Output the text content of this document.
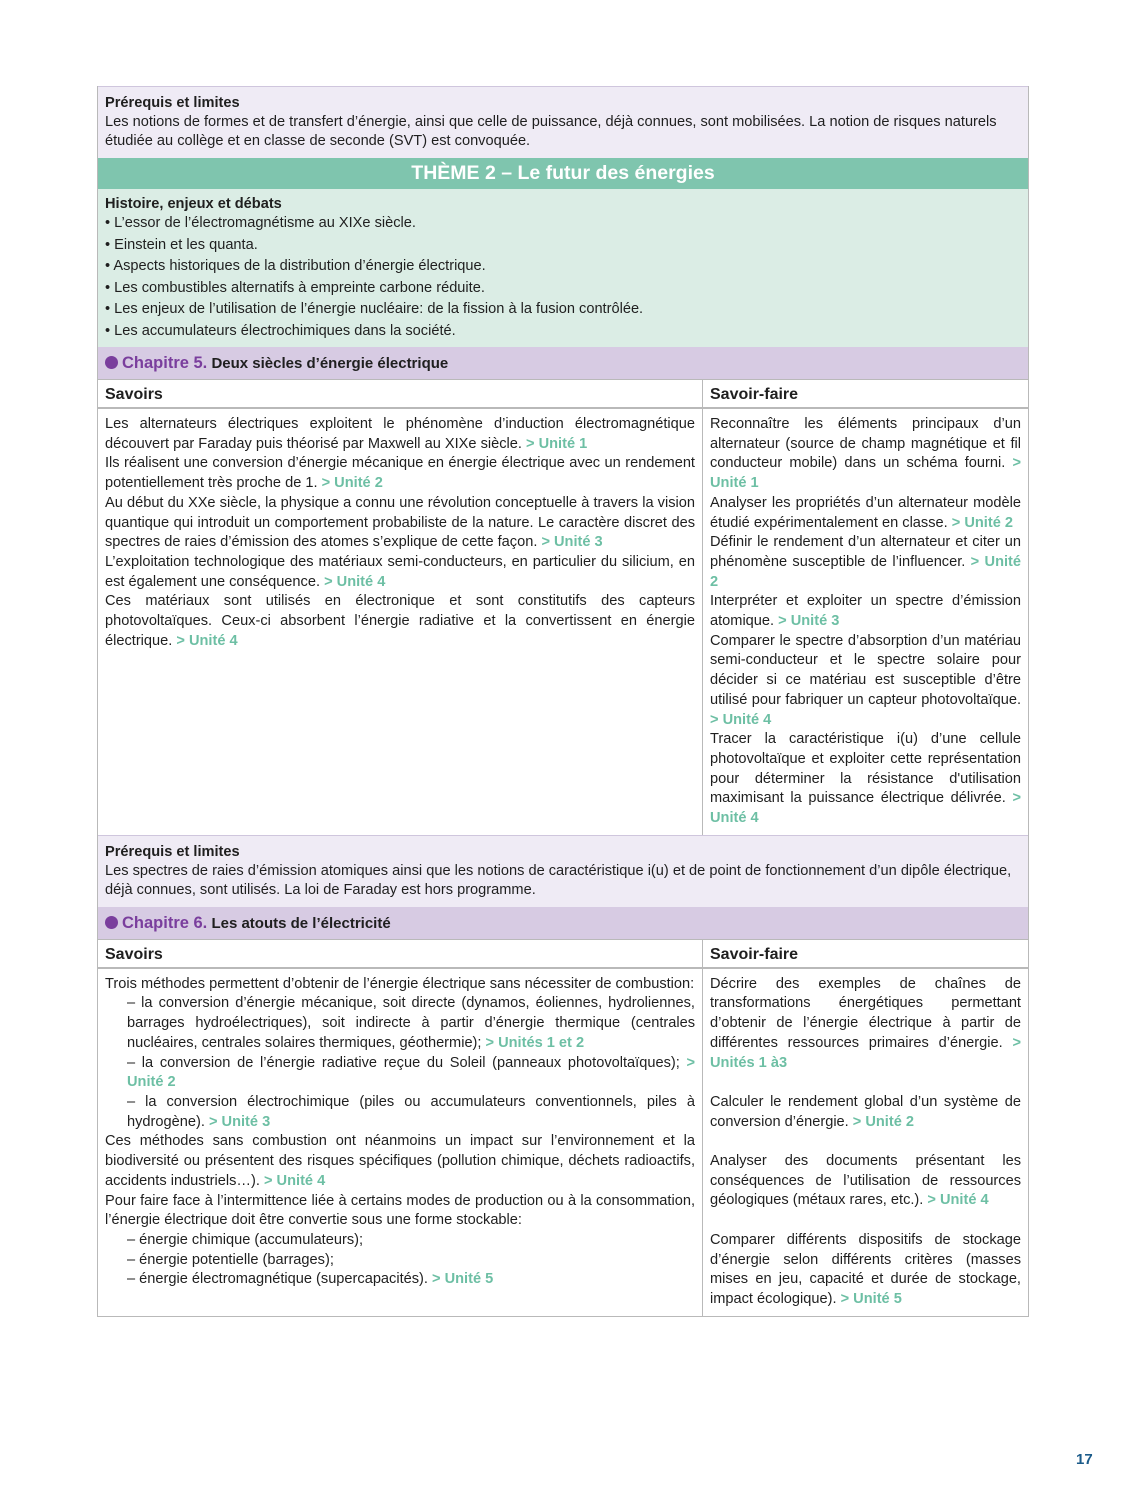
Prérequis et limites
Les notions de formes et de transfert d’énergie, ainsi que celle de puissance, déjà connues, sont mobilisées. La notion de risques naturels étudiée au collège et en classe de seconde (SVT) est convoquée.
THÈME 2 – Le futur des énergies
Histoire, enjeux et débats
• L’essor de l’électromagnétisme au XIXe siècle.
• Einstein et les quanta.
• Aspects historiques de la distribution d’énergie électrique.
• Les combustibles alternatifs à empreinte carbone réduite.
• Les enjeux de l’utilisation de l’énergie nucléaire: de la fission à la fusion contrôlée.
• Les accumulateurs électrochimiques dans la société.
Chapitre 5. Deux siècles d’énergie électrique
Savoirs

Les alternateurs électriques exploitent le phénomène d’induction électromagnétique découvert par Faraday puis théorisé par Maxwell au XIXe siècle. > Unité 1

Ils réalisent une conversion d’énergie mécanique en énergie électrique avec un rendement potentiellement très proche de 1. > Unité 2

Au début du XXe siècle, la physique a connu une révolution conceptuelle à travers la vision quantique qui introduit un comportement probabiliste de la nature. Le caractère discret des spectres de raies d’émission des atomes s’explique de cette façon. > Unité 3

L’exploitation technologique des matériaux semi-conducteurs, en particulier du silicium, en est également une conséquence. > Unité 4

Ces matériaux sont utilisés en électronique et sont constitutifs des capteurs photovoltaïques. Ceux-ci absorbent l’énergie radiative et la convertissent en énergie électrique. > Unité 4

Savoir-faire

Reconnaître les éléments principaux d’un alternateur (source de champ magnétique et fil conducteur mobile) dans un schéma fourni. > Unité 1

Analyser les propriétés d’un alternateur modèle étudié expérimentalement en classe. > Unité 2

Définir le rendement d’un alternateur et citer un phénomène susceptible de l’influencer. > Unité 2

Interpréter et exploiter un spectre d’émission atomique. > Unité 3

Comparer le spectre d’absorption d’un matériau semi-conducteur et le spectre solaire pour décider si ce matériau est susceptible d’être utilisé pour fabriquer un capteur photovoltaïque. > Unité 4

Tracer la caractéristique i(u) d’une cellule photovoltaïque et exploiter cette représentation pour déterminer la résistance d'utilisation maximisant la puissance électrique délivrée. > Unité 4

Prérequis et limites
Les spectres de raies d’émission atomiques ainsi que les notions de caractéristique i(u) et de point de fonctionnement d’un dipôle électrique, déjà connues, sont utilisés. La loi de Faraday est hors programme.
Chapitre 6. Les atouts de l’électricité
Savoirs

Trois méthodes permettent d’obtenir de l’énergie électrique sans nécessiter de combustion:

– la conversion d’énergie mécanique, soit directe (dynamos, éoliennes, hydroliennes, barrages hydroélectriques), soit indirecte à partir d’énergie thermique (centrales nucléaires, centrales solaires thermiques, géothermie); > Unités 1 et 2

– la conversion de l’énergie radiative reçue du Soleil (panneaux photovoltaïques); > Unité 2

– la conversion électrochimique (piles ou accumulateurs conventionnels, piles à hydrogène). > Unité 3

Ces méthodes sans combustion ont néanmoins un impact sur l’environnement et la biodiversité ou présentent des risques spécifiques (pollution chimique, déchets radioactifs, accidents industriels…). > Unité 4

Pour faire face à l’intermittence liée à certains modes de production ou à la consommation, l’énergie électrique doit être convertie sous une forme stockable:

– énergie chimique (accumulateurs);

– énergie potentielle (barrages);

– énergie électromagnétique (supercapacités). > Unité 5

Savoir-faire

Décrire des exemples de chaînes de transformations énergétiques permettant d’obtenir de l’énergie électrique à partir de différentes ressources primaires d’énergie. > Unités 1 à3

Calculer le rendement global d’un système de conversion d’énergie. > Unité 2

Analyser des documents présentant les conséquences de l’utilisation de ressources géologiques (métaux rares, etc.). > Unité 4

Comparer différents dispositifs de stockage d’énergie selon différents critères (masses mises en jeu, capacité et durée de stockage, impact écologique). > Unité 5

17
